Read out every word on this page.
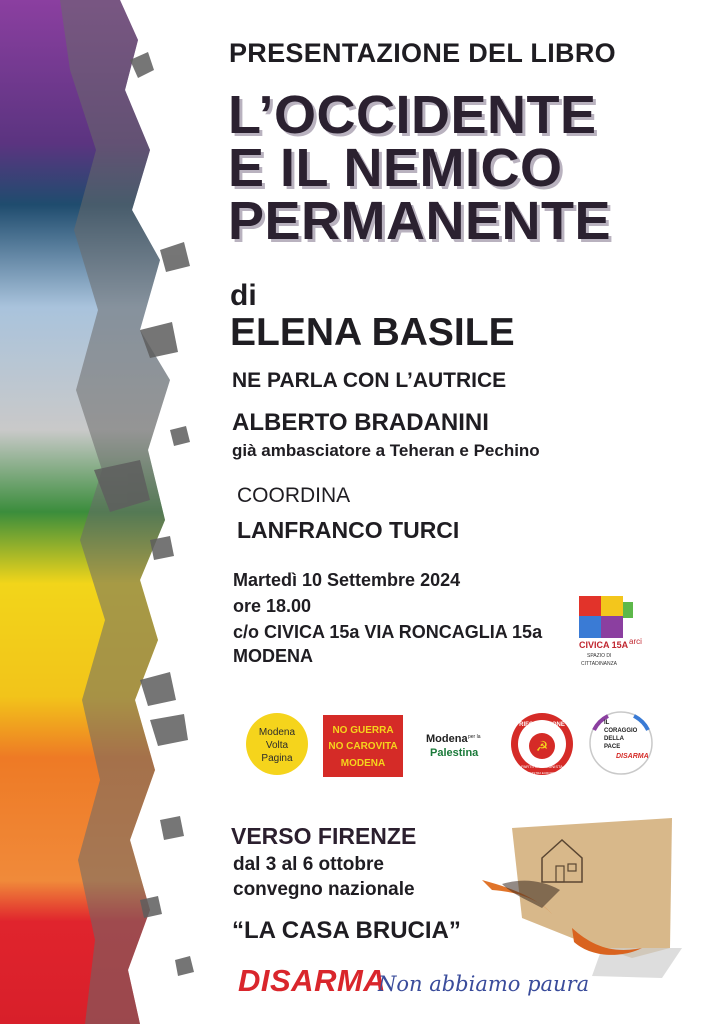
PRESENTAZIONE DEL LIBRO
L’OCCIDENTE
E IL NEMICO
PERMANENTE
di
ELENA BASILE
NE PARLA CON L’AUTRICE
ALBERTO BRADANINI
già ambasciatore a Teheran e Pechino
COORDINA
LANFRANCO TURCI
Martedì 10 Settembre 2024
ore 18.00
c/o CIVICA 15a VIA RONCAGLIA 15a
MODENA
CIVICA 15A arci
SPAZIO DI
CITTADINANZA
Modena
Volta
Pagina
NO GUERRA
NO CAROVITA
MODENA
Modena per la
Palestina
RIFONDAZIONE
PARTITO COMUNISTA
SINISTRA EUROPEA
☭
IL
CORAGGIO
DELLA
PACE
DISARMA
VERSO FIRENZE
dal 3 al 6 ottobre
convegno nazionale
“LA CASA BRUCIA”
DISARMA
Non abbiamo paura
